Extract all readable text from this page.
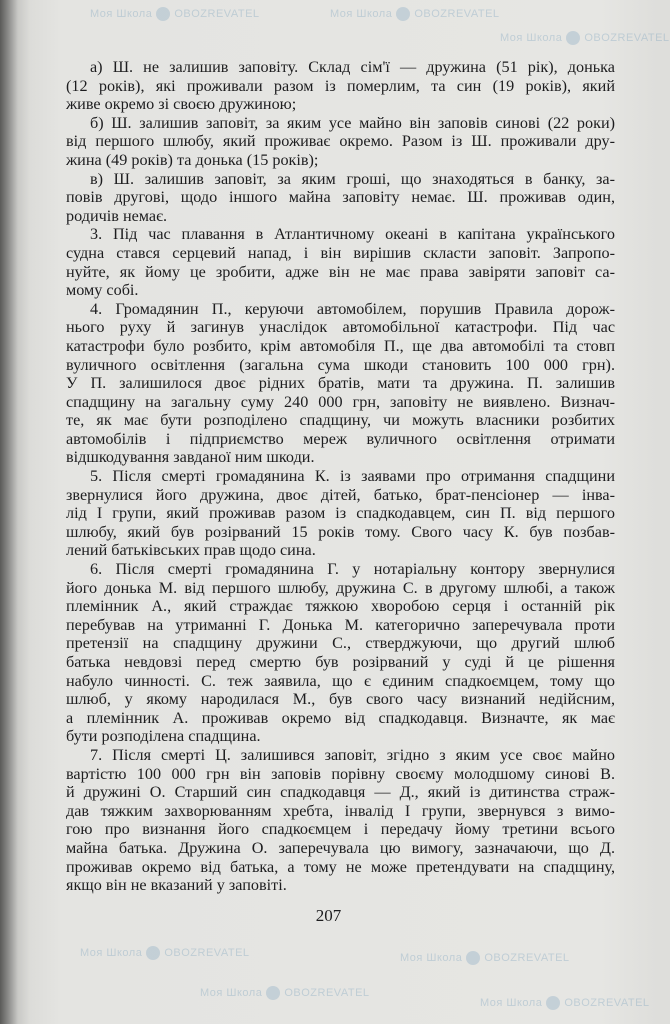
а) Ш. не залишив заповіту. Склад сім'ї — дружина (51 рік), донька
(12 років), які проживали разом із померлим, та син (19 років), який
живе окремо зі своєю дружиною;
б) Ш. залишив заповіт, за яким усе майно він заповів синові (22 роки)
від першого шлюбу, який проживає окремо. Разом із Ш. проживали дру-
жина (49 років) та донька (15 років);
в) Ш. залишив заповіт, за яким гроші, що знаходяться в банку, за-
повів другові, щодо іншого майна заповіту немає. Ш. проживав один,
родичів немає.
3. Під час плавання в Атлантичному океані в капітана українського
судна стався серцевий напад, і він вирішив скласти заповіт. Запропо-
нуйте, як йому це зробити, адже він не має права завіряти заповіт са-
мому собі.
4. Громадянин П., керуючи автомобілем, порушив Правила дорож-
нього руху й загинув унаслідок автомобільної катастрофи. Під час
катастрофи було розбито, крім автомобіля П., ще два автомобілі та стовп
вуличного освітлення (загальна сума шкоди становить 100 000 грн).
У П. залишилося двоє рідних братів, мати та дружина. П. залишив
спадщину на загальну суму 240 000 грн, заповіту не виявлено. Визнач-
те, як має бути розподілено спадщину, чи можуть власники розбитих
автомобілів і підприємство мереж вуличного освітлення отримати
відшкодування завданої ним шкоди.
5. Після смерті громадянина К. із заявами про отримання спадщини
звернулися його дружина, двоє дітей, батько, брат-пенсіонер — інва-
лід I групи, який проживав разом із спадкодавцем, син П. від першого
шлюбу, який був розірваний 15 років тому. Свого часу К. був позбав-
лений батьківських прав щодо сина.
6. Після смерті громадянина Г. у нотаріальну контору звернулися
його донька М. від першого шлюбу, дружина С. в другому шлюбі, а також
племінник А., який страждає тяжкою хворобою серця і останній рік
перебував на утриманні Г. Донька М. категорично заперечувала проти
претензії на спадщину дружини С., стверджуючи, що другий шлюб
батька невдовзі перед смертю був розірваний у суді й це рішення
набуло чинності. С. теж заявила, що є єдиним спадкоємцем, тому що
шлюб, у якому народилася М., був свого часу визнаний недійсним,
а племінник А. проживав окремо від спадкодавця. Визначте, як має
бути розподілена спадщина.
7. Після смерті Ц. залишився заповіт, згідно з яким усе своє майно
вартістю 100 000 грн він заповів порівну своєму молодшому синові В.
й дружині О. Старший син спадкодавця — Д., який із дитинства страж-
дав тяжким захворюванням хребта, інвалід I групи, звернувся з вимо-
гою про визнання його спадкоємцем і передачу йому третини всього
майна батька. Дружина О. заперечувала цю вимогу, зазначаючи, що Д.
проживав окремо від батька, а тому не може претендувати на спадщину,
якщо він не вказаний у заповіті.
207
Моя Школа OBOZREVATEL	Моя Школа OBOZREVATEL
Моя Школа OBOZREVATEL
Моя Школа OBOZREVATEL	Моя Школа OBOZREVATEL
Моя Школа OBOZREVATEL
Моя Школа OBOZREVATEL
